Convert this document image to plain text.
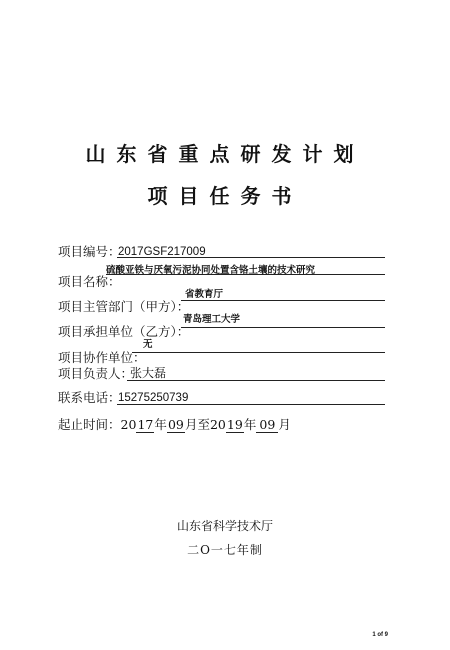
山东省重点研发计划
项目任务书
项目编号：
2017GSF217009
硫酸亚铁与厌氧污泥协同处置含铬土壤的技术研究
项目名称：
省教育厅
项目主管部门（甲方）：
青岛理工大学
项目承担单位（乙方）：
无
项目协作单位：
项目负责人：
张大磊
联系电话：
15275250739
起止时间：2017年09月至2019年 09 月
山东省科学技术厅
二O一七年制
1 of 9
